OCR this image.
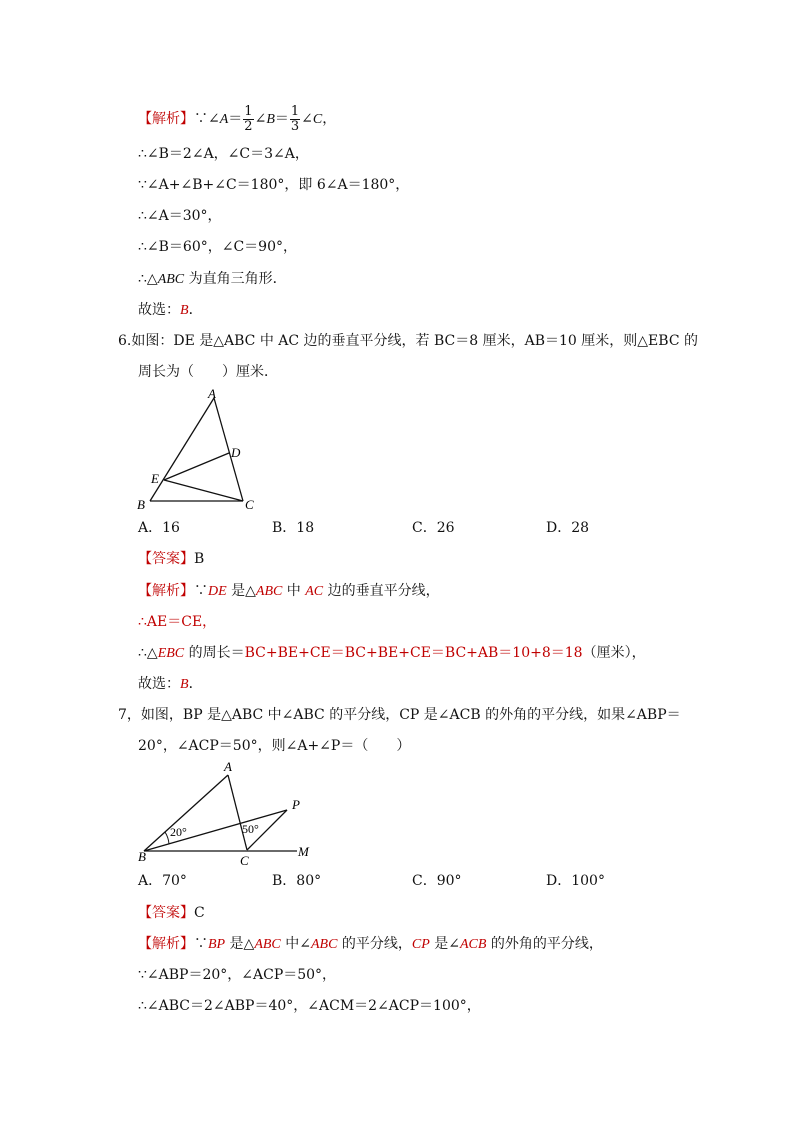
【解析】∵∠A＝ $\frac{1}{2}$ ∠B＝ $\frac{1}{3}$ ∠C，
∴∠B＝2∠A，∠C＝3∠A，
∵∠A+∠B+∠C＝180°，即 6∠A＝180°，
∴∠A＝30°，
∴∠B＝60°，∠C＝90°，
∴△ABC 为直角三角形．
故选：B．
6.如图：DE 是△ABC 中 AC 边的垂直平分线，若 BC＝8 厘米，AB＝10 厘米，则△EBC 的
周长为（　　）厘米．
A
B	C
D
E
A．16	B．18	C．26	D．28
【答案】B
【解析】∵DE 是△ABC 中 AC 边的垂直平分线，
∴AE＝CE，
∴△EBC 的周长＝BC+BE+CE＝BC+BE+CE＝BC+AB＝10+8＝18（厘米），
故选：B．
7，如图，BP 是△ABC 中∠ABC 的平分线，CP 是∠ACB 的外角的平分线，如果∠ABP＝
20°，∠ACP＝50°，则∠A+∠P＝（　　）
A
B	C
P
M
20°	50°
A．70°	B．80°	C．90°	D．100°
【答案】C
【解析】∵BP 是△ABC 中∠ABC 的平分线，CP 是∠ACB 的外角的平分线，
∵∠ABP＝20°，∠ACP＝50°，
∴∠ABC＝2∠ABP＝40°，∠ACM＝2∠ACP＝100°，
